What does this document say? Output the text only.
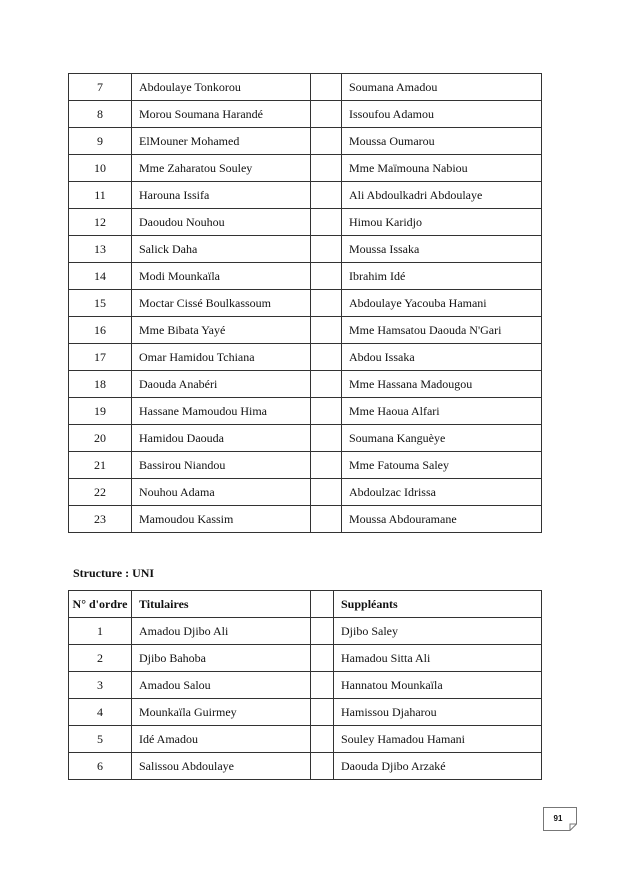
7	Abdoulaye Tonkorou		Soumana Amadou
8	Morou Soumana Harandé		Issoufou Adamou
9	ElMouner Mohamed		Moussa Oumarou
10	Mme Zaharatou Souley		Mme Maïmouna Nabiou
11	Harouna Issifa		Ali Abdoulkadri Abdoulaye
12	Daoudou Nouhou		Himou Karidjo
13	Salick Daha		Moussa Issaka
14	Modi Mounkaïla		Ibrahim Idé
15	Moctar Cissé Boulkassoum		Abdoulaye Yacouba Hamani
16	Mme Bibata Yayé		Mme Hamsatou Daouda N'Gari
17	Omar Hamidou Tchiana		Abdou Issaka
18	Daouda Anabéri		Mme Hassana Madougou
19	Hassane Mamoudou Hima		Mme Haoua Alfari
20	Hamidou Daouda		Soumana Kanguèye
21	Bassirou Niandou		Mme Fatouma Saley
22	Nouhou Adama		Abdoulzac Idrissa
23	Mamoudou Kassim		Moussa Abdouramane
Structure : UNI
N° d'ordre	Titulaires		Suppléants
1	Amadou Djibo Ali		Djibo Saley
2	Djibo Bahoba		Hamadou Sitta Ali
3	Amadou Salou		Hannatou Mounkaïla
4	Mounkaïla Guirmey		Hamissou Djaharou
5	Idé Amadou		Souley Hamadou Hamani
6	Salissou Abdoulaye		Daouda Djibo Arzaké
91
